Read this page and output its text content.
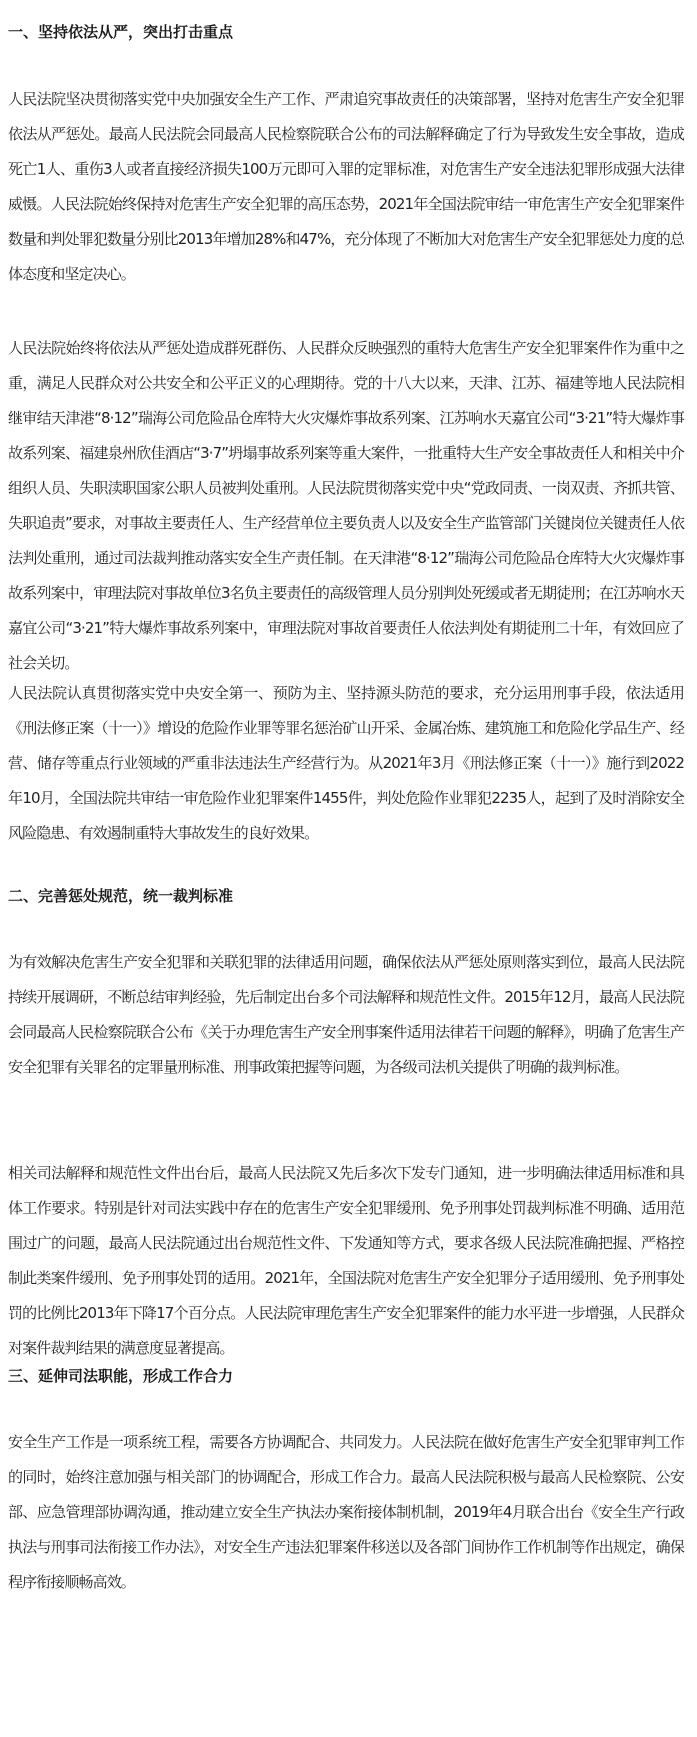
一、坚持依法从严，突出打击重点

人民法院坚决贯彻落实党中央加强安全生产工作、严肃追究事故责任的决策部署，坚持对危害生产安全犯罪依法从严惩处。最高人民法院会同最高人民检察院联合公布的司法解释确定了行为导致发生安全事故，造成死亡1人、重伤3人或者直接经济损失100万元即可入罪的定罪标准，对危害生产安全违法犯罪形成强大法律威慑。人民法院始终保持对危害生产安全犯罪的高压态势，2021年全国法院审结一审危害生产安全犯罪案件数量和判处罪犯数量分别比2013年增加28%和47%，充分体现了不断加大对危害生产安全犯罪惩处力度的总体态度和坚定决心。

人民法院始终将依法从严惩处造成群死群伤、人民群众反映强烈的重特大危害生产安全犯罪案件作为重中之重，满足人民群众对公共安全和公平正义的心理期待。党的十八大以来，天津、江苏、福建等地人民法院相继审结天津港“8·12”瑞海公司危险品仓库特大火灾爆炸事故系列案、江苏响水天嘉宜公司“3·21”特大爆炸事故系列案、福建泉州欣佳酒店“3·7”坍塌事故系列案等重大案件，一批重特大生产安全事故责任人和相关中介组织人员、失职渎职国家公职人员被判处重刑。人民法院贯彻落实党中央“党政同责、一岗双责、齐抓共管、失职追责”要求，对事故主要责任人、生产经营单位主要负责人以及安全生产监管部门关键岗位关键责任人依法判处重刑，通过司法裁判推动落实安全生产责任制。在天津港“8·12”瑞海公司危险品仓库特大火灾爆炸事故系列案中，审理法院对事故单位3名负主要责任的高级管理人员分别判处死缓或者无期徒刑；在江苏响水天嘉宜公司“3·21”特大爆炸事故系列案中，审理法院对事故首要责任人依法判处有期徒刑二十年，有效回应了社会关切。

人民法院认真贯彻落实党中央安全第一、预防为主、坚持源头防范的要求，充分运用刑事手段，依法适用《刑法修正案（十一）》增设的危险作业罪等罪名惩治矿山开采、金属冶炼、建筑施工和危险化学品生产、经营、储存等重点行业领域的严重非法违法生产经营行为。从2021年3月《刑法修正案（十一）》施行到2022年10月，全国法院共审结一审危险作业犯罪案件1455件，判处危险作业罪犯2235人，起到了及时消除安全风险隐患、有效遏制重特大事故发生的良好效果。

二、完善惩处规范，统一裁判标准

为有效解决危害生产安全犯罪和关联犯罪的法律适用问题，确保依法从严惩处原则落实到位，最高人民法院持续开展调研，不断总结审判经验，先后制定出台多个司法解释和规范性文件。2015年12月，最高人民法院会同最高人民检察院联合公布《关于办理危害生产安全刑事案件适用法律若干问题的解释》，明确了危害生产安全犯罪有关罪名的定罪量刑标准、刑事政策把握等问题，为各级司法机关提供了明确的裁判标准。

相关司法解释和规范性文件出台后，最高人民法院又先后多次下发专门通知，进一步明确法律适用标准和具体工作要求。特别是针对司法实践中存在的危害生产安全犯罪缓刑、免予刑事处罚裁判标准不明确、适用范围过广的问题，最高人民法院通过出台规范性文件、下发通知等方式，要求各级人民法院准确把握、严格控制此类案件缓刑、免予刑事处罚的适用。2021年，全国法院对危害生产安全犯罪分子适用缓刑、免予刑事处罚的比例比2013年下降17个百分点。人民法院审理危害生产安全犯罪案件的能力水平进一步增强，人民群众对案件裁判结果的满意度显著提高。

三、延伸司法职能，形成工作合力

安全生产工作是一项系统工程，需要各方协调配合、共同发力。人民法院在做好危害生产安全犯罪审判工作的同时，始终注意加强与相关部门的协调配合，形成工作合力。最高人民法院积极与最高人民检察院、公安部、应急管理部协调沟通，推动建立安全生产执法办案衔接体制机制，2019年4月联合出台《安全生产行政执法与刑事司法衔接工作办法》，对安全生产违法犯罪案件移送以及各部门间协作工作机制等作出规定，确保程序衔接顺畅高效。
